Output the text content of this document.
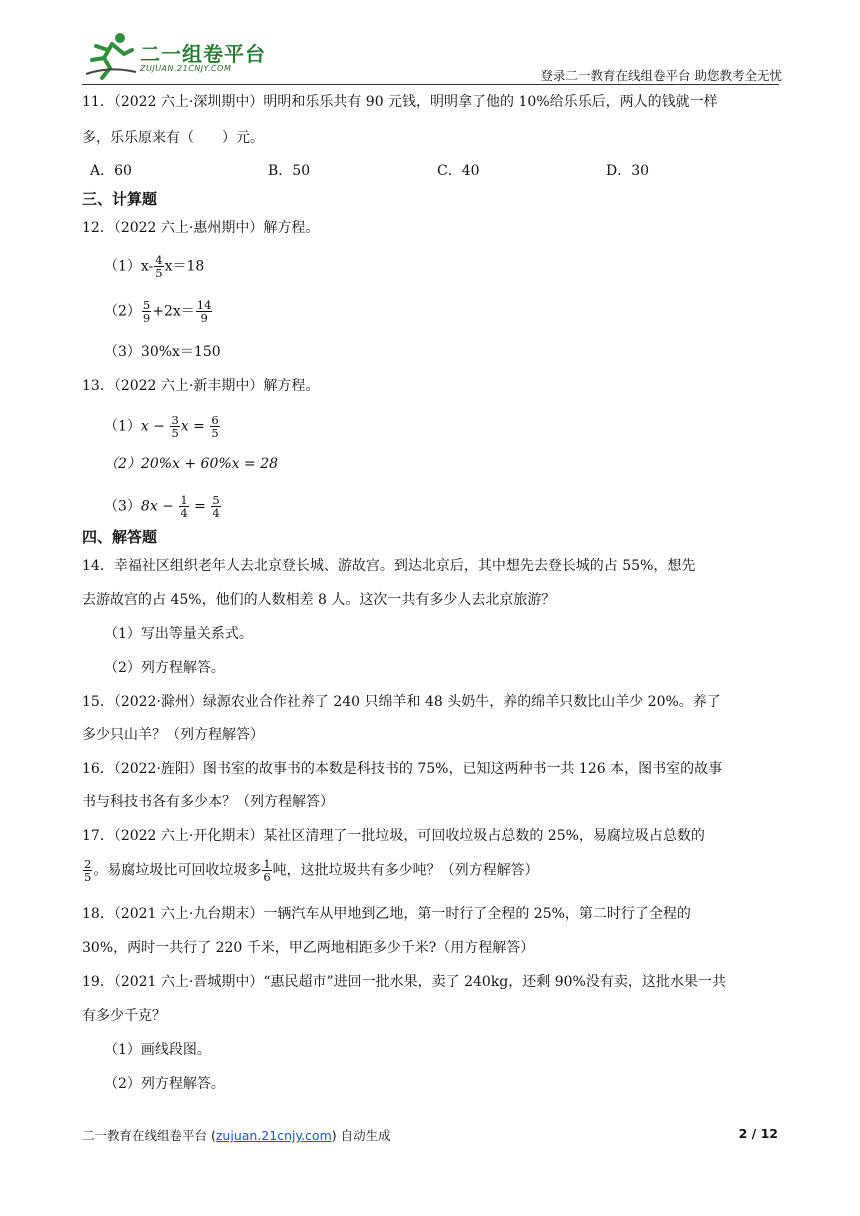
二一组卷平台
ZUJUAN.21CNJY.COM	登录二一教育在线组卷平台 助您教考全无忧
11．（2022 六上·深圳期中）明明和乐乐共有 90 元钱，明明拿了他的 10%给乐乐后，两人的钱就一样
多，乐乐原来有（　　）元。
A．60	B．50	C．40	D．30
三、计算题
12．（2022 六上·惠州期中）解方程。
$(1)x- \frac{4}{5} x=18$
$(2) \frac{5}{9} +2x= \frac{14}{9}$
（3）30%x＝150
13．（2022 六上·新丰期中）解方程。
$(1)x - \frac{3}{5}$ $x = \frac{6}{5}$
（2）20%x + 60%x = 28
$(3)8x - \frac{1}{4} = \frac{5}{4}$
四、解答题
14．幸福社区组织老年人去北京登长城、游故宫。到达北京后，其中想先去登长城的占 55%，想先
去游故宫的占 45%，他们的人数相差 8 人。这次一共有多少人去北京旅游？
（1）写出等量关系式。
（2）列方程解答。
15．（2022·滁州）绿源农业合作社养了 240 只绵羊和 48 头奶牛，养的绵羊只数比山羊少 20%。养了
多少只山羊？（列方程解答）
16．（2022·旌阳）图书室的故事书的本数是科技书的 75%，已知这两种书一共 126 本，图书室的故事
书与科技书各有多少本？（列方程解答）
17．（2022 六上·开化期末）某社区清理了一批垃圾，可回收垃圾占总数的 25%，易腐垃圾占总数的
$\frac{2}{5}$ 。易腐垃圾比可回收垃圾多 $\frac{1}{6}$ 吨，这批垃圾共有多少吨？（列方程解答）
18．（2021 六上·九台期末）一辆汽车从甲地到乙地，第一时行了全程的 25%，第二时行了全程的
30%，两时一共行了 220 千米，甲乙两地相距多少千米?（用方程解答）
19．（2021 六上·晋城期中）“惠民超市”进回一批水果，卖了 240kg，还剩 90%没有卖，这批水果一共
有多少千克？
（1）画线段图。
（2）列方程解答。
二一教育在线组卷平台 (zujuan.21cnjy.com) 自动生成	2 / 12
